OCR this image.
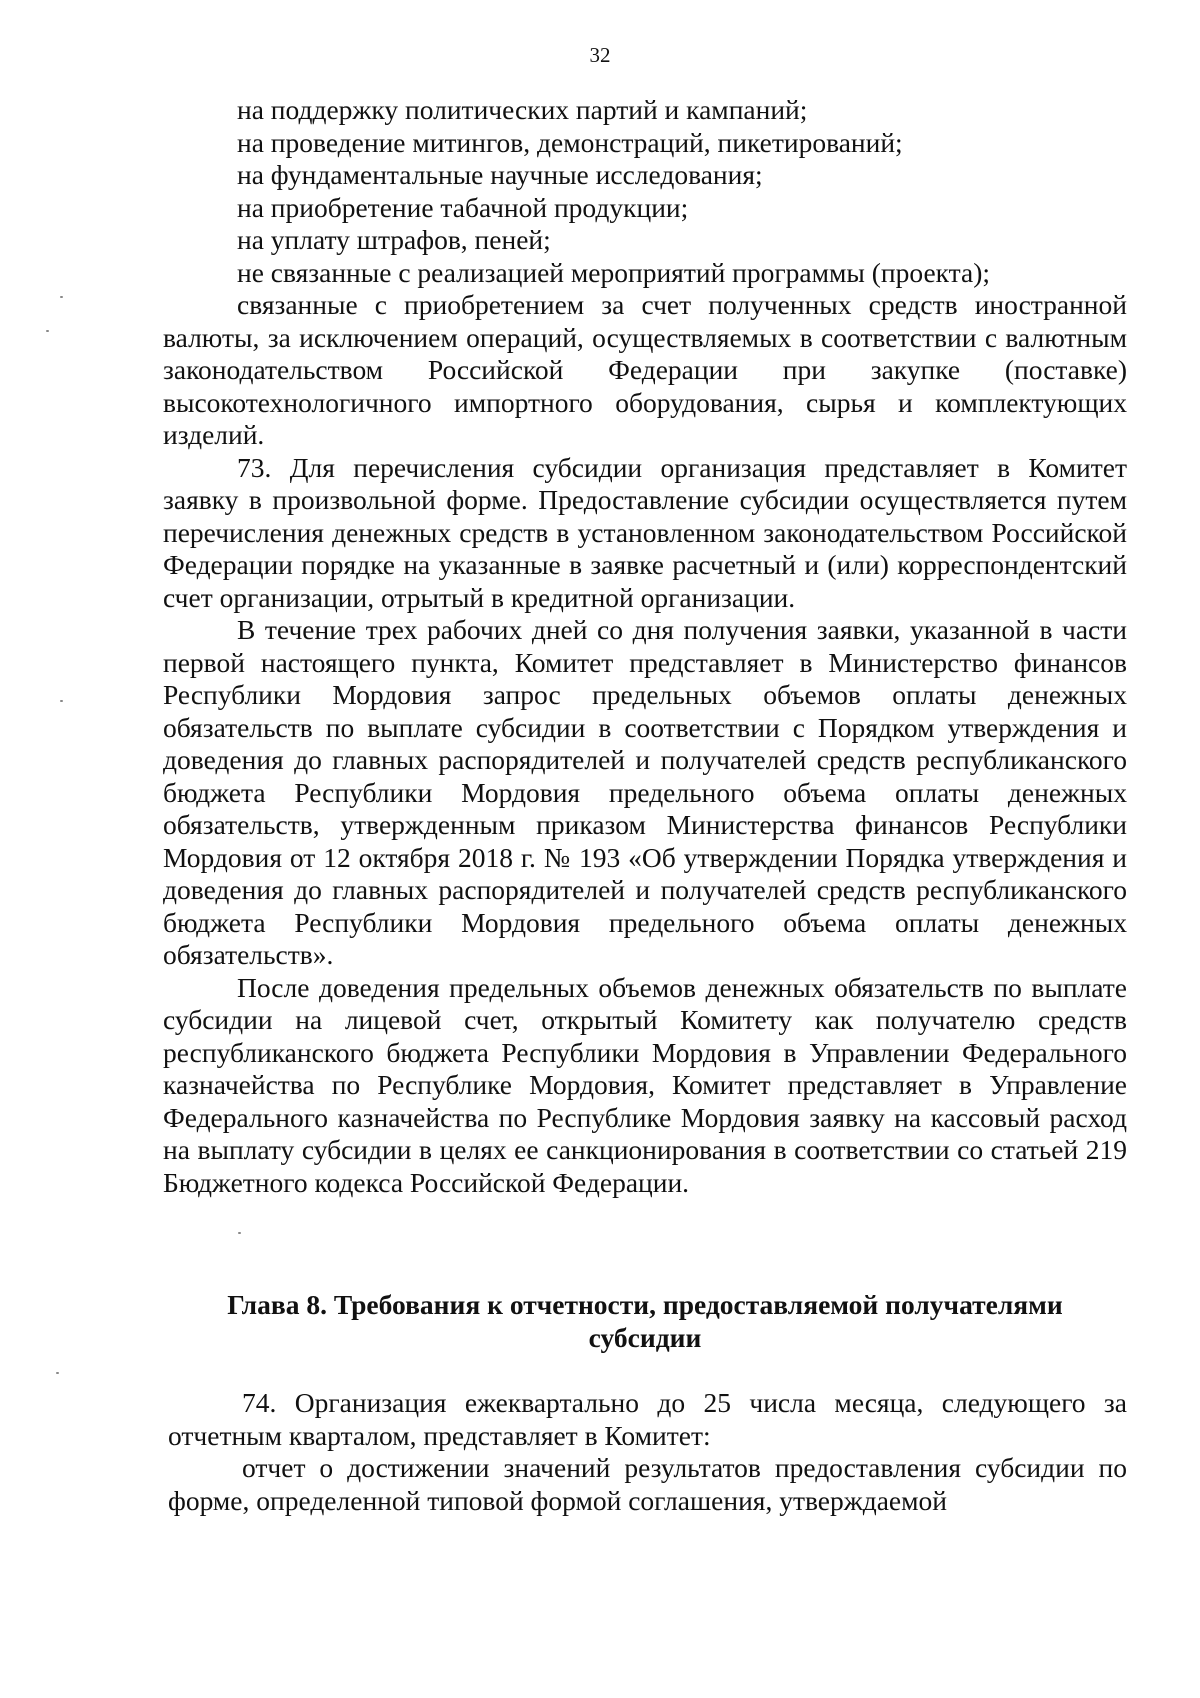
32

на поддержку политических партий и кампаний;

на проведение митингов, демонстраций, пикетирований;

на фундаментальные научные исследования;

на приобретение табачной продукции;

на уплату штрафов, пеней;

не связанные с реализацией мероприятий программы (проекта);

связанные с приобретением за счет полученных средств иностранной валюты, за исключением операций, осуществляемых в соответствии с валютным законодательством Российской Федерации при закупке (поставке) высокотехнологичного импортного оборудования, сырья и комплектующих изделий.

73. Для перечисления субсидии организация представляет в Комитет заявку в произвольной форме. Предоставление субсидии осуществляется путем перечисления денежных средств в установленном законодательством Российской Федерации порядке на указанные в заявке расчетный и (или) корреспондентский счет организации, отрытый в кредитной организации.

В течение трех рабочих дней со дня получения заявки, указанной в части первой настоящего пункта, Комитет представляет в Министерство финансов Республики Мордовия запрос предельных объемов оплаты денежных обязательств по выплате субсидии в соответствии с Порядком утверждения и доведения до главных распорядителей и получателей средств республиканского бюджета Республики Мордовия предельного объема оплаты денежных обязательств, утвержденным приказом Министерства финансов Республики Мордовия от 12 октября 2018 г. № 193 «Об утверждении Порядка утверждения и доведения до главных распорядителей и получателей средств республиканского бюджета Республики Мордовия предельного объема оплаты денежных обязательств».

После доведения предельных объемов денежных обязательств по выплате субсидии на лицевой счет, открытый Комитету как получателю средств республиканского бюджета Республики Мордовия в Управлении Федерального казначейства по Республике Мордовия, Комитет представляет в Управление Федерального казначейства по Республике Мордовия заявку на кассовый расход на выплату субсидии в целях ее санкционирования в соответствии со статьей 219 Бюджетного кодекса Российской Федерации.

Глава 8. Требования к отчетности, предоставляемой получателями субсидии

74. Организация ежеквартально до 25 числа месяца, следующего за отчетным кварталом, представляет в Комитет:

отчет о достижении значений результатов предоставления субсидии по форме, определенной типовой формой соглашения, утверждаемой
